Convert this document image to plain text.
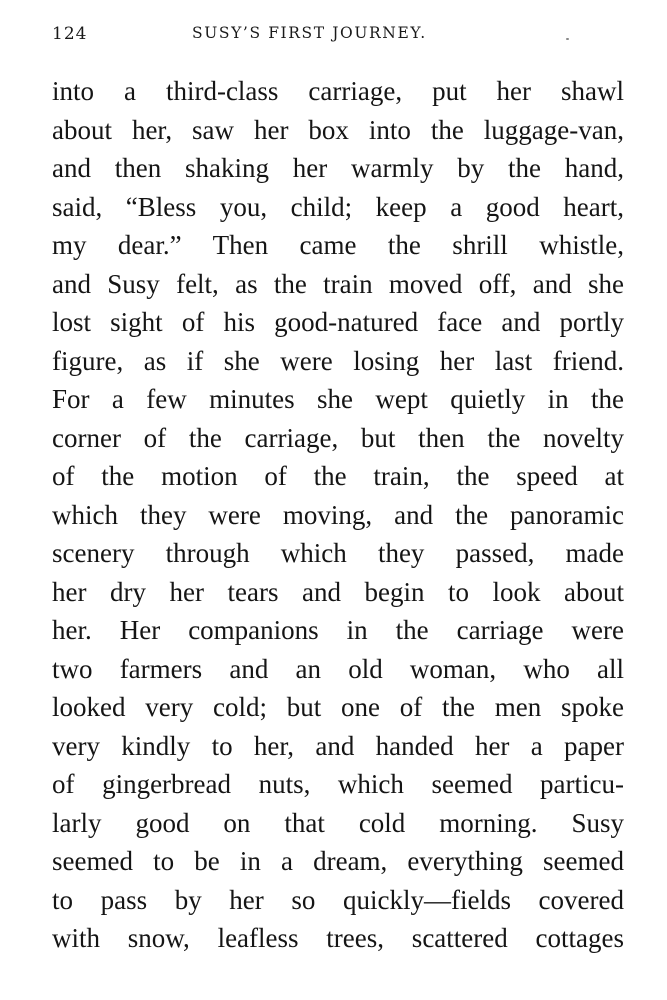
124	SUSY’S FIRST JOURNEY.
into a third-class carriage, put her shawl
about her, saw her box into the luggage-van,
and then shaking her warmly by the hand,
said, “Bless you, child; keep a good heart,
my dear.” Then came the shrill whistle,
and Susy felt, as the train moved off, and she
lost sight of his good-natured face and portly
figure, as if she were losing her last friend.
For a few minutes she wept quietly in the
corner of the carriage, but then the novelty
of the motion of the train, the speed at
which they were moving, and the panoramic
scenery through which they passed, made
her dry her tears and begin to look about
her. Her companions in the carriage were
two farmers and an old woman, who all
looked very cold; but one of the men spoke
very kindly to her, and handed her a paper
of gingerbread nuts, which seemed particu-
larly good on that cold morning. Susy
seemed to be in a dream, everything seemed
to pass by her so quickly—fields covered
with snow, leafless trees, scattered cottages
